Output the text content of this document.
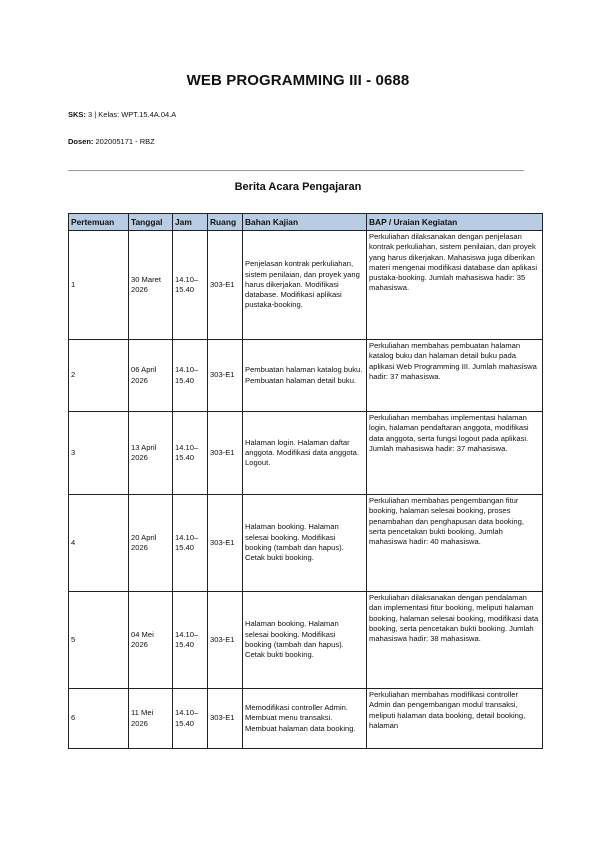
WEB PROGRAMMING III - 0688
SKS: 3 | Kelas: WPT.15.4A.04.A
Dosen: 202005171 - RBZ
Berita Acara Pengajaran
Pertemuan	Tanggal	Jam	Ruang	Bahan Kajian	BAP / Uraian Kegiatan
1	30 Maret 2026	14.10–15.40	303-E1	Penjelasan kontrak perkuliahan, sistem penilaian, dan proyek yang harus dikerjakan. Modifikasi database. Modifikasi aplikasi pustaka-booking.	Perkuliahan dilaksanakan dengan penjelasan kontrak perkuliahan, sistem penilaian, dan proyek yang harus dikerjakan. Mahasiswa juga diberikan materi mengenai modifikasi database dan aplikasi pustaka-booking. Jumlah mahasiswa hadir: 35 mahasiswa.
2	06 April 2026	14.10–15.40	303-E1	Pembuatan halaman katalog buku. Pembuatan halaman detail buku.	Perkuliahan membahas pembuatan halaman katalog buku dan halaman detail buku pada aplikasi Web Programming III. Jumlah mahasiswa hadir: 37 mahasiswa.
3	13 April 2026	14.10–15.40	303-E1	Halaman login. Halaman daftar anggota. Modifikasi data anggota. Logout.	Perkuliahan membahas implementasi halaman login, halaman pendaftaran anggota, modifikasi data anggota, serta fungsi logout pada aplikasi. Jumlah mahasiswa hadir: 37 mahasiswa.
4	20 April 2026	14.10–15.40	303-E1	Halaman booking. Halaman selesai booking. Modifikasi booking (tambah dan hapus). Cetak bukti booking.	Perkuliahan membahas pengembangan fitur booking, halaman selesai booking, proses penambahan dan penghapusan data booking, serta pencetakan bukti booking. Jumlah mahasiswa hadir: 40 mahasiswa.
5	04 Mei 2026	14.10–15.40	303-E1	Halaman booking. Halaman selesai booking. Modifikasi booking (tambah dan hapus). Cetak bukti booking.	Perkuliahan dilaksanakan dengan pendalaman dan implementasi fitur booking, meliputi halaman booking, halaman selesai booking, modifikasi data booking, serta pencetakan bukti booking. Jumlah mahasiswa hadir: 38 mahasiswa.
6	11 Mei 2026	14.10–15.40	303-E1	Memodifikasi controller Admin. Membuat menu transaksi. Membuat halaman data booking.	Perkuliahan membahas modifikasi controller Admin dan pengembangan modul transaksi, meliputi halaman data booking, detail booking, halaman
